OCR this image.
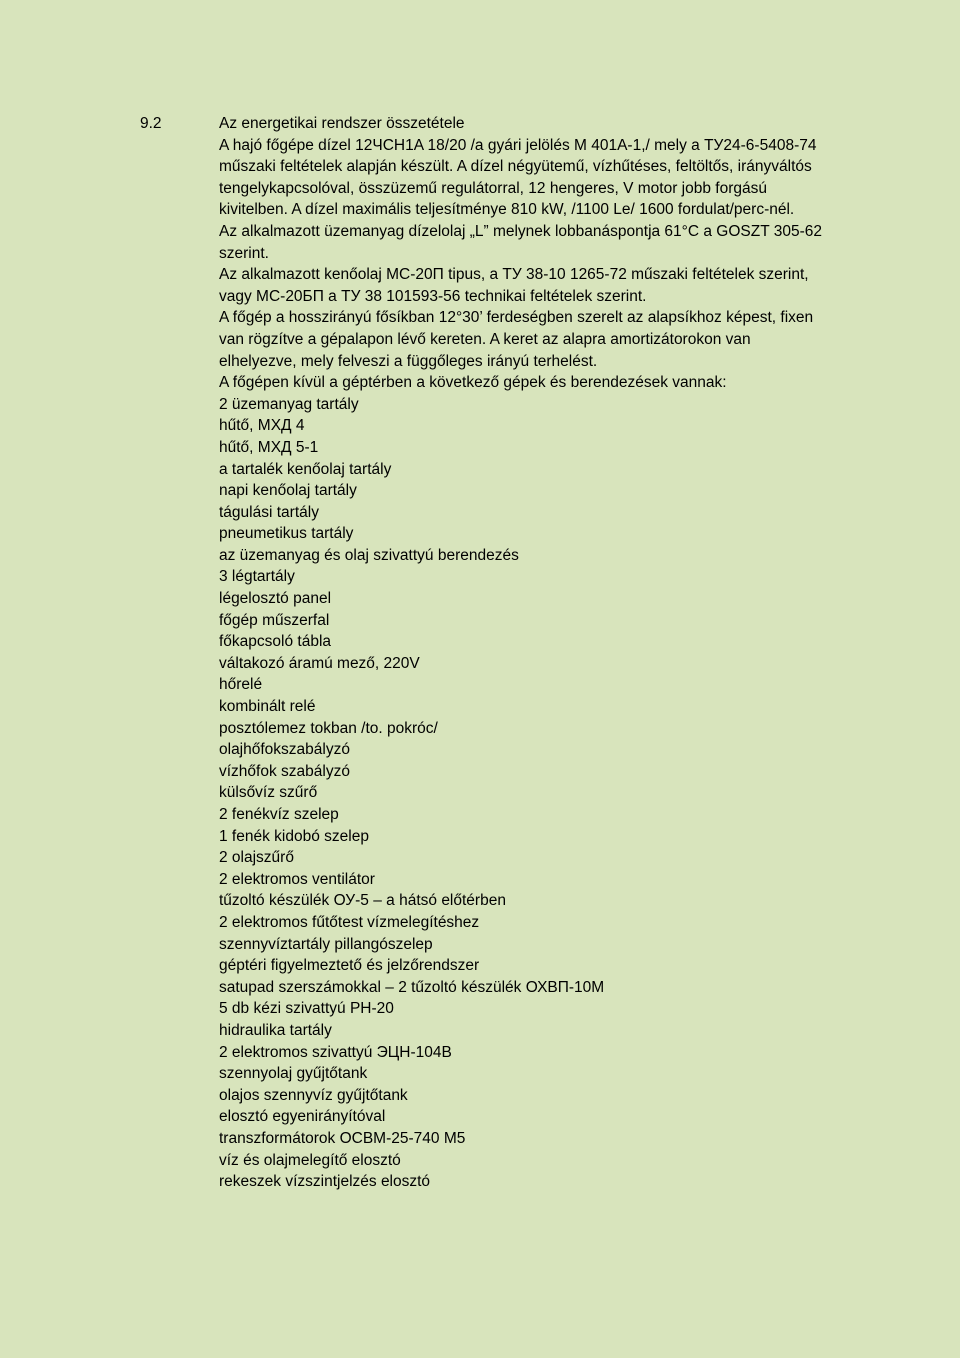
9.2	Az energetikai rendszer összetétele

A hajó főgépe dízel 12ЧСН1A 18/20 /a gyári jelölés M 401A-1,/ mely a ТУ24-6-5408-74 műszaki feltételek alapján készült. A dízel négyütemű, vízhűtéses, feltöltős, irányváltós tengelykapcsolóval, összüzemű regulátorral, 12 hengeres, V motor jobb forgású kivitelben. A dízel maximális teljesítménye 810 kW, /1100 Le/ 1600 fordulat/perc-nél.

Az alkalmazott üzemanyag dízelolaj „L” melynek lobbanáspontja 61°C a GOSZT 305-62 szerint.

Az alkalmazott kenőolaj МС-20П tipus, a ТУ 38-10 1265-72 műszaki feltételek szerint, vagy МС-20БП a ТУ 38 101593-56 technikai feltételek szerint.

A főgép a hosszirányú fősíkban 12°30’ ferdeségben szerelt az alapsíkhoz képest, fixen van rögzítve a gépalapon lévő kereten. A keret az alapra amortizátorokon van elhelyezve, mely felveszi a függőleges irányú terhelést.

A főgépen kívül a géptérben a következő gépek és berendezések vannak:

2 üzemanyag tartály
hűtő, МХД 4
hűtő, МХД 5-1
a tartalék kenőolaj tartály
napi kenőolaj tartály
tágulási tartály
pneumetikus tartály
az üzemanyag és olaj szivattyú berendezés
3 légtartály
légelosztó panel
főgép műszerfal
főkapcsoló tábla
váltakozó áramú mező, 220V
hőrelé
kombinált relé
posztólemez tokban /to. pokróc/
olajhőfokszabályzó
vízhőfok szabályzó
külsővíz szűrő
2 fenékvíz szelep
1 fenék kidobó szelep
2 olajszűrő
2 elektromos ventilátor
tűzoltó készülék ОУ-5 – a hátsó előtérben
2 elektromos fűtőtest vízmelegítéshez
szennyvíztartály pillangószelep
géptéri figyelmeztető és jelzőrendszer
satupad szerszámokkal – 2 tűzoltó készülék ОХВП-10М
5 db kézi szivattyú РН-20
hidraulika tartály
2 elektromos szivattyú ЭЦН-104B
szennyolaj gyűjtőtank
olajos szennyvíz gyűjtőtank
elosztó egyenirányítóval
transzformátorok ОСВМ-25-740 M5
víz és olajmelegítő elosztó
rekeszek vízszintjelzés elosztó
